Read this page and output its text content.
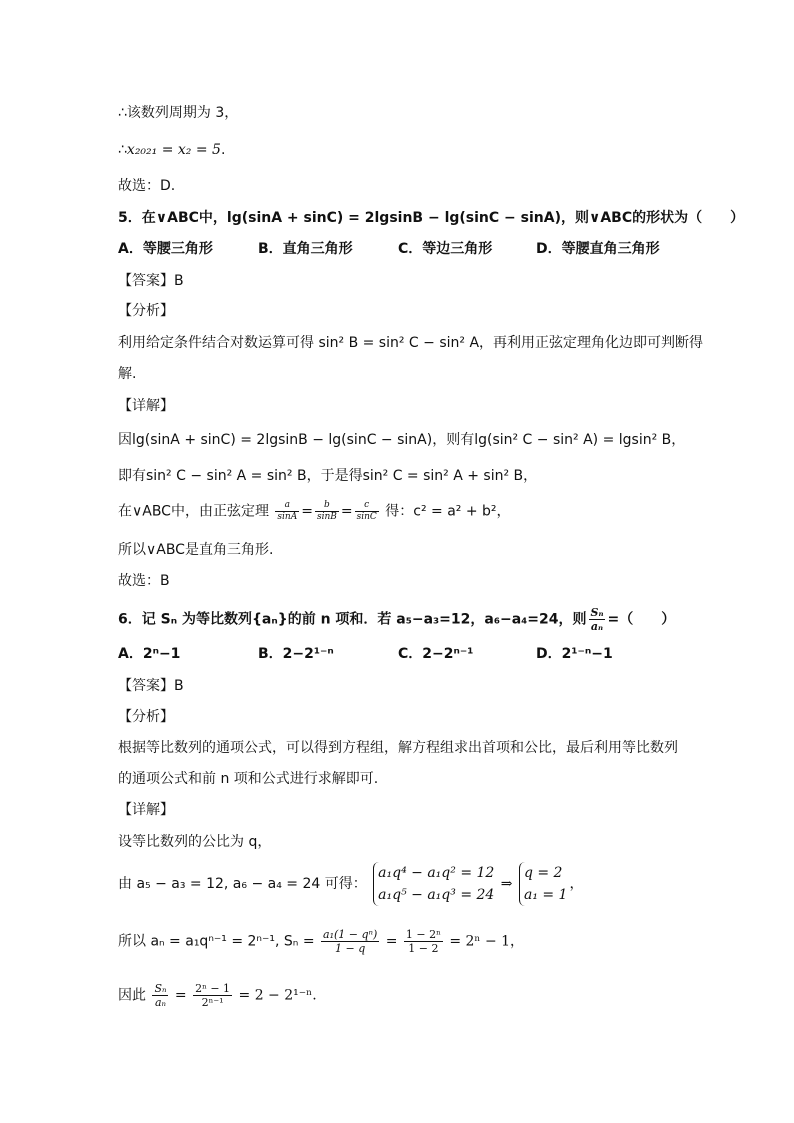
∴该数列周期为 3，
∴x₂₀₂₁ = x₂ = 5.
故选：D.
5．在∨ABC中，lg(sinA + sinC) = 2lgsinB − lg(sinC − sinA)，则∨ABC的形状为（　　）
A．等腰三角形	B．直角三角形	C．等边三角形	D．等腰直角三角形
【答案】B
【分析】
利用给定条件结合对数运算可得 sin² B = sin² C − sin² A，再利用正弦定理角化边即可判断得
解.
【详解】
因lg(sinA + sinC) = 2lgsinB − lg(sinC − sinA)，则有lg(sin² C − sin² A) = lgsin² B，
即有sin² C − sin² A = sin² B，于是得sin² C = sin² A + sin² B，
在∨ABC中，由正弦定理 $\frac{a}{\sin A} = \frac{b}{\sin B} = \frac{c}{\sin C}$ 得：c² = a² + b²，
所以∨ABC是直角三角形.
故选：B
6．记 Sₙ 为等比数列{aₙ}的前 n 项和．若 a₅−a₃=12，a₆−a₄=24，则 $\frac{\text{Sₙ}}{\text{aₙ}}$ =（　　）
A．2ⁿ−1	B．2−2¹⁻ⁿ	C．2−2ⁿ⁻¹	D．2¹⁻ⁿ−1
【答案】B
【分析】
根据等比数列的通项公式，可以得到方程组，解方程组求出首项和公比，最后利用等比数列
的通项公式和前 n 项和公式进行求解即可.
【详解】
设等比数列的公比为 q，
由 a₅ − a₃ = 12, a₆ − a₄ = 24 可得：
a₁q⁴ − a₁q² = 12
a₁q⁵ − a₁q³ = 24
⇒
q = 2
a₁ = 1
，
所以 aₙ = a₁qⁿ⁻¹ = 2ⁿ⁻¹, $S_n = \frac{\text{a₁(1 − qⁿ)}}{1 - q} = \frac{\text{1 − 2ⁿ}}{1 - 2} = 2^n - 1$，
因此 $\frac{\text{Sₙ}}{\text{aₙ}} = \frac{\text{2ⁿ − 1}}{\text{2ⁿ⁻¹}} = 2 - 2^{1-n}$.
